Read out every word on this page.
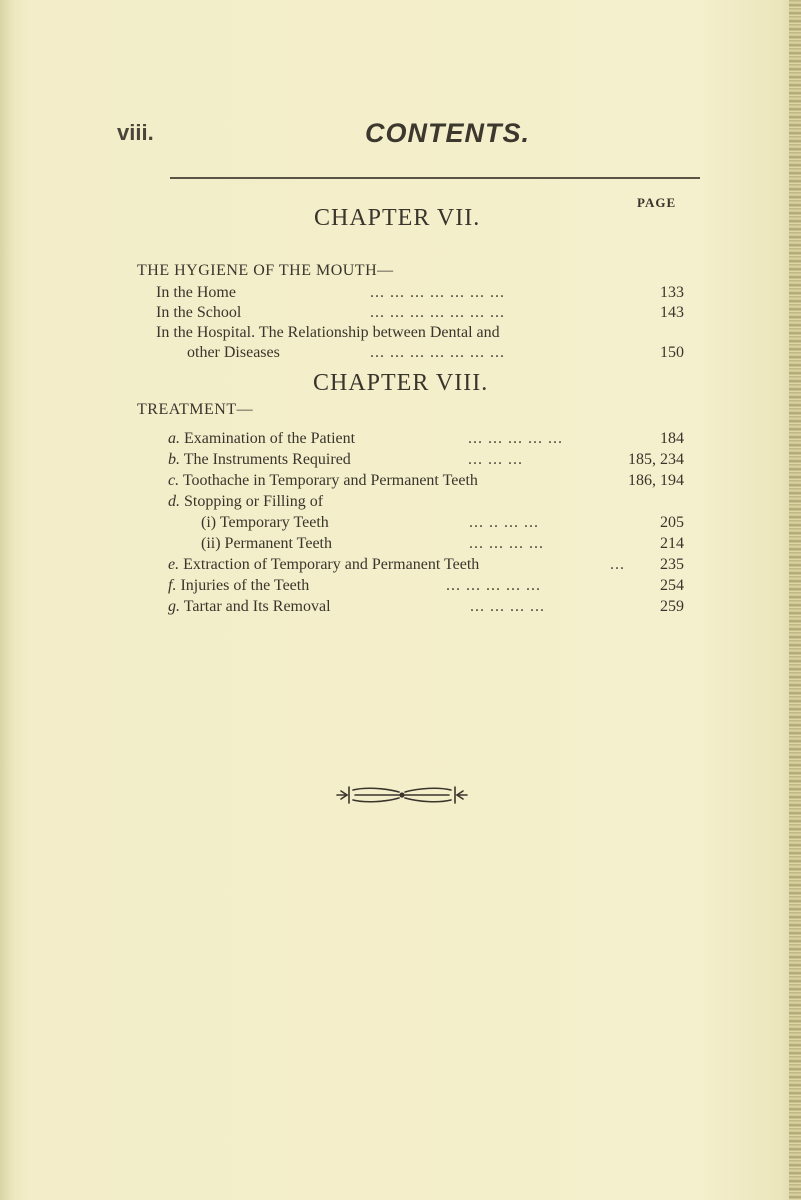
viii.	CONTENTS.
PAGE
CHAPTER VII.
THE HYGIENE OF THE MOUTH—
In the Home	... ... ... ... ... ... ...	133
In the School	... ... ... ... ... ... ...	143
In the Hospital. The Relationship between Dental and
other Diseases	... ... ... ... ... ... ...	150
CHAPTER VIII.
TREATMENT—
a. Examination of the Patient	... ... ... ... ...	184
b. The Instruments Required	... ... ...	185, 234
c. Toothache in Temporary and Permanent Teeth	186, 194
d. Stopping or Filling of
(i) Temporary Teeth	... .. ... ...	205
(ii) Permanent Teeth	... ... ... ...	214
e. Extraction of Temporary and Permanent Teeth	...	235
f. Injuries of the Teeth	... ... ... ... ...	254
g. Tartar and Its Removal	... ... ... ...	259
